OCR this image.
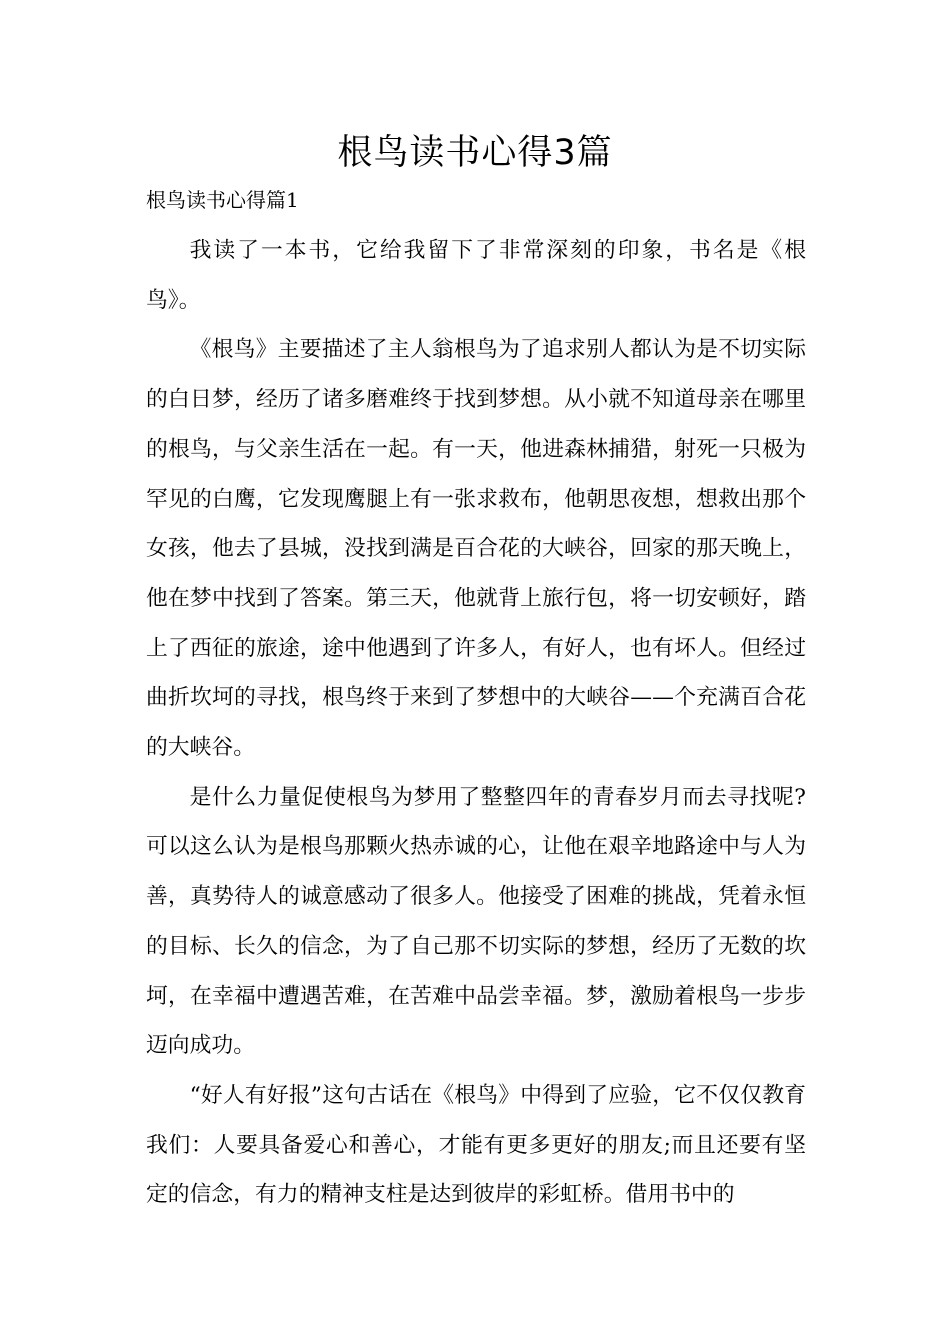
根鸟读书心得3篇
根鸟读书心得篇1

我读了一本书，它给我留下了非常深刻的印象，书名是《根鸟》。

《根鸟》主要描述了主人翁根鸟为了追求别人都认为是不切实际的白日梦，经历了诸多磨难终于找到梦想。从小就不知道母亲在哪里的根鸟，与父亲生活在一起。有一天，他进森林捕猎，射死一只极为罕见的白鹰，它发现鹰腿上有一张求救布，他朝思夜想，想救出那个女孩，他去了县城，没找到满是百合花的大峡谷，回家的那天晚上，他在梦中找到了答案。第三天，他就背上旅行包，将一切安顿好，踏上了西征的旅途，途中他遇到了许多人，有好人，也有坏人。但经过曲折坎坷的寻找，根鸟终于来到了梦想中的大峡谷——个充满百合花的大峡谷。

是什么力量促使根鸟为梦用了整整四年的青春岁月而去寻找呢?可以这么认为是根鸟那颗火热赤诚的心，让他在艰辛地路途中与人为善，真势待人的诚意感动了很多人。他接受了困难的挑战，凭着永恒的目标、长久的信念，为了自己那不切实际的梦想，经历了无数的坎坷，在幸福中遭遇苦难，在苦难中品尝幸福。梦，激励着根鸟一步步迈向成功。

“好人有好报”这句古话在《根鸟》中得到了应验，它不仅仅教育我们：人要具备爱心和善心，才能有更多更好的朋友;而且还要有坚定的信念，有力的精神支柱是达到彼岸的彩虹桥。借用书中的
